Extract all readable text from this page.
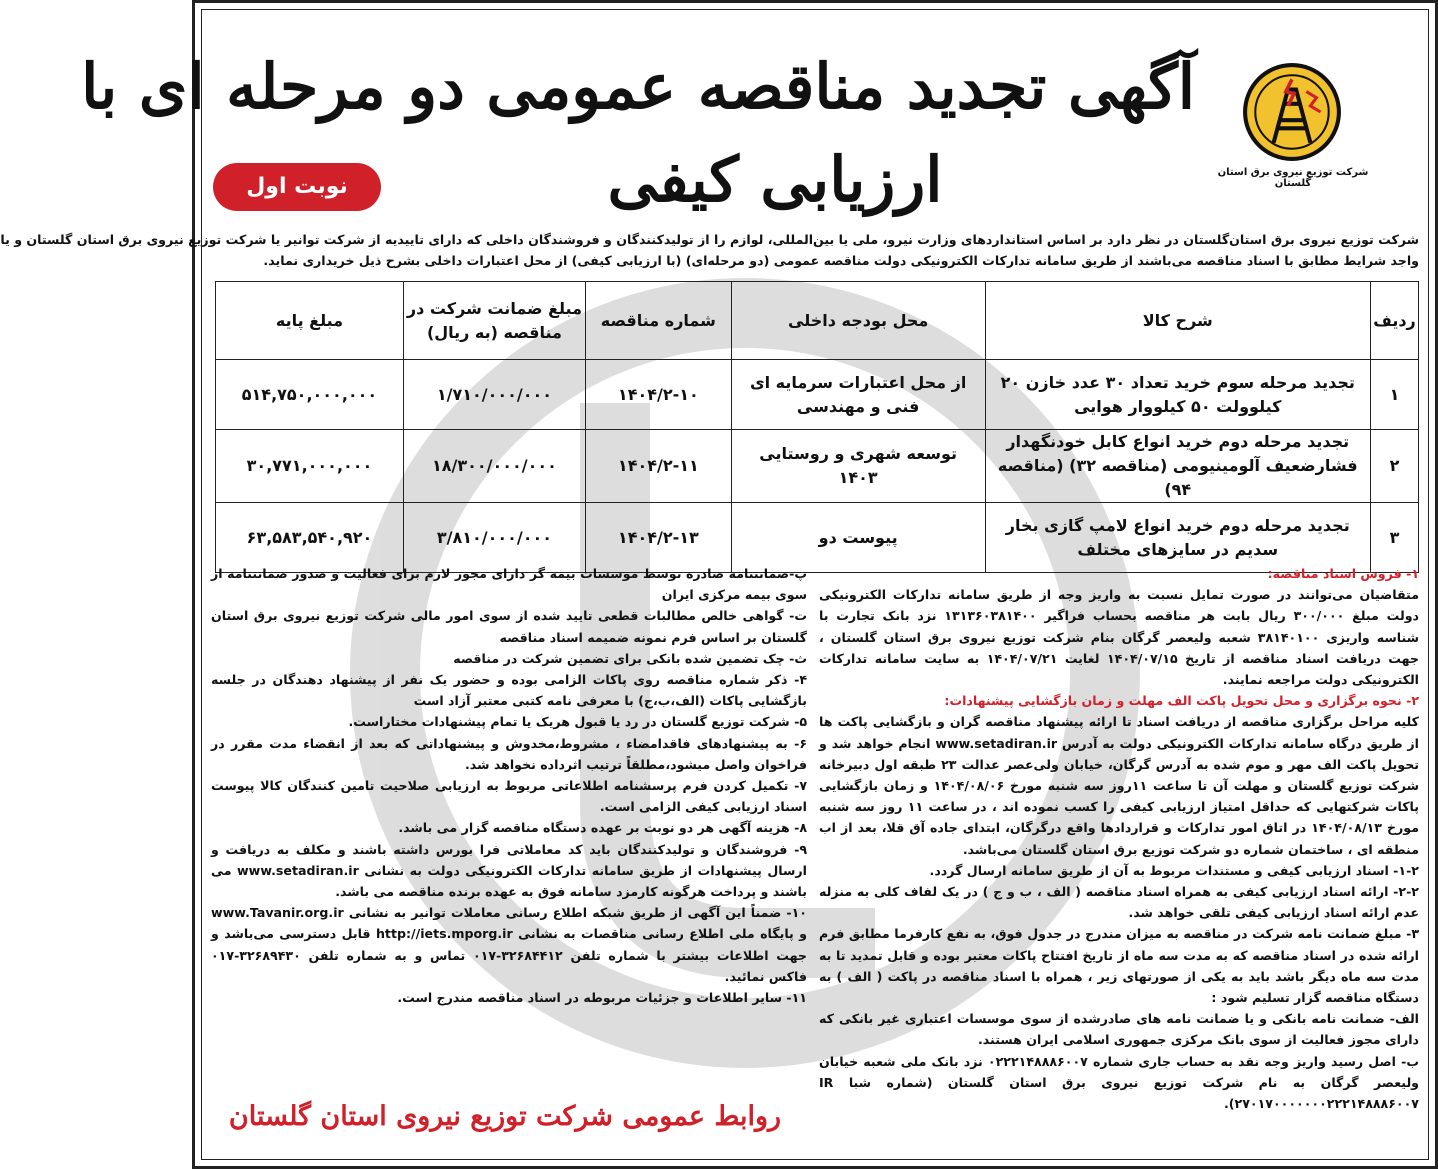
شرکت توزیع نیروی برق استان گلستان
آگهی تجدید مناقصه عمومی دو مرحله ای با
ارزیابی کیفی
نوبت اول
شرکت توزیع نیروی برق استان‌گلستان در نظر دارد بر اساس استانداردهای وزارت نیرو، ملی یا بین‌المللی، لوازم را از تولیدکنندگان و فروشندگان داخلی که دارای تاییدیه از شرکت توانیر یا شرکت توزیع نیروی برق استان گلستان و یا
واجد شرایط مطابق با اسناد مناقصه می‌باشند از طریق سامانه تدارکات الکترونیکی دولت مناقصه عمومی (دو مرحله‌ای) (با ارزیابی کیفی) از محل اعتبارات داخلی بشرح ذیل خریداری نماید.
ردیف	شرح کالا	محل بودجه داخلی	شماره مناقصه	مبلغ ضمانت شرکت در مناقصه (به ریال)	مبلغ پایه
۱	تجدید مرحله سوم خرید تعداد ۳۰ عدد خازن ۲۰ کیلوولت ۵۰ کیلووار هوایی	از محل اعتبارات سرمایه ای فنی و مهندسی	۱۴۰۴/۲-۱۰	۱/۷۱۰/۰۰۰/۰۰۰	۵۱۴,۷۵۰,۰۰۰,۰۰۰
۲	تجدید مرحله دوم خرید انواع کابل خودنگهدار فشارضعیف آلومینیومی (مناقصه ۳۲) (مناقصه ۹۴)	توسعه شهری و روستایی ۱۴۰۳	۱۴۰۴/۲-۱۱	۱۸/۳۰۰/۰۰۰/۰۰۰	۳۰,۷۷۱,۰۰۰,۰۰۰
۳	تجدید مرحله دوم خرید انواع لامپ گازی بخار سدیم در سایزهای مختلف	پیوست دو	۱۴۰۴/۲-۱۳	۳/۸۱۰/۰۰۰/۰۰۰	۶۳,۵۸۳,۵۴۰,۹۲۰
۱- فروش اسناد مناقصه:
متقاضیان می‌توانند در صورت تمایل نسبت به واریز وجه از طریق سامانه تدارکات الکترونیکی دولت مبلغ ۳۰۰/۰۰۰ ریال بابت هر مناقصه بحساب فراگیر ۱۳۱۳۶۰۳۸۱۴۰۰ نزد بانک تجارت با شناسه واریزی ۳۸۱۴۰۱۰۰ شعبه ولیعصر گرگان بنام شرکت توزیع نیروی برق استان گلستان ، جهت دریافت اسناد مناقصه از تاریخ ۱۴۰۴/۰۷/۱۵ لغایت ۱۴۰۴/۰۷/۲۱ به سایت سامانه تدارکات الکترونیکی دولت مراجعه نمایند.
۲- نحوه برگزاری و محل تحویل پاکت الف مهلت و زمان بازگشایی پیشنهادات:
کلیه مراحل برگزاری مناقصه از دریافت اسناد تا ارائه پیشنهاد مناقصه گران و بازگشایی پاکت ها از طریق درگاه سامانه تدارکات الکترونیکی دولت به آدرس www.setadiran.ir انجام خواهد شد و تحویل پاکت الف مهر و موم شده به آدرس گرگان، خیابان ولی‌عصر عدالت ۲۳ طبقه اول دبیرخانه شرکت توزیع گلستان و مهلت آن تا ساعت ۱۱روز سه شنبه مورخ ۱۴۰۴/۰۸/۰۶ و زمان بازگشایی پاکات شرکتهایی که حداقل امتیاز ارزیابی کیفی را کسب نموده اند ، در ساعت ۱۱ روز سه شنبه مورخ ۱۴۰۴/۰۸/۱۳ در اتاق امور تدارکات و قراردادها واقع درگرگان، ابتدای جاده آق قلا، بعد از اب منطقه ای ، ساختمان شماره دو شرکت توزیع برق استان گلستان می‌باشد.
۱-۲- اسناد ارزیابی کیفی و مستندات مربوط به آن از طریق سامانه ارسال گردد.
۲-۲- ارائه اسناد ارزیابی کیفی به همراه اسناد مناقصه ( الف ، ب و ج ) در یک لفاف کلی به منزله عدم ارائه اسناد ارزیابی کیفی تلقی خواهد شد.
۳- مبلغ ضمانت نامه شرکت در مناقصه به میزان مندرج در جدول فوق، به نفع کارفرما مطابق فرم ارائه شده در اسناد مناقصه که به مدت سه ماه از تاریخ افتتاح پاکات معتبر بوده و قابل تمدید تا به مدت سه ماه دیگر باشد باید به یکی از صورتهای زیر ، همراه با اسناد مناقصه در پاکت ( الف ) به دستگاه مناقصه گزار تسلیم شود :
الف- ضمانت نامه بانکی و یا ضمانت نامه های صادرشده از سوی موسسات اعتباری غیر بانکی که دارای مجوز فعالیت از سوی بانک مرکزی جمهوری اسلامی ایران هستند.
ب- اصل رسید واریز وجه نقد به حساب جاری شماره ۰۲۲۲۱۴۸۸۸۶۰۰۷ نزد بانک ملی شعبه خیابان ولیعصر گرگان به نام شرکت توزیع نیروی برق استان گلستان (شماره شبا IR ۲۷۰۱۷۰۰۰۰۰۰۰۲۲۲۱۴۸۸۸۶۰۰۷).
پ-ضمانتنامه صادره توسط موسسات بیمه گر دارای مجوز لازم برای فعالیت و صدور ضمانتنامه از سوی بیمه مرکزی ایران
ت- گواهی خالص مطالبات قطعی تایید شده از سوی امور مالی شرکت توزیع نیروی برق استان گلستان بر اساس فرم نمونه ضمیمه اسناد مناقصه
ث- چک تضمین شده بانکی برای تضمین شرکت در مناقصه
۴- ذکر شماره مناقصه روی پاکات الزامی بوده و حضور یک نفر از پیشنهاد دهندگان در جلسه بازگشایی پاکات (الف،ب،ج) با معرفی نامه کتبی معتبر آزاد است
۵- شرکت توزیع گلستان در رد یا قبول هریک یا تمام پیشنهادات مختاراست.
۶- به پیشنهادهای فاقدامضاء ، مشروط،مخدوش و پیشنهاداتی که بعد از انقضاء مدت مقرر در فراخوان واصل میشود،مطلقاً ترتیب اثرداده نخواهد شد.
۷- تکمیل کردن فرم پرسشنامه اطلاعاتی مربوط به ارزیابی صلاحیت تامین کنندگان کالا پیوست اسناد ارزیابی کیفی الزامی است.
۸- هزینه آگهی هر دو نوبت بر عهده دستگاه مناقصه گزار می باشد.
۹- فروشندگان و تولیدکنندگان باید کد معاملاتی فرا بورس داشته باشند و مکلف به دریافت و ارسال پیشنهادات از طریق سامانه تدارکات الکترونیکی دولت به نشانی www.setadiran.ir می باشند و پرداخت هرگونه کارمزد سامانه فوق به عهده برنده مناقصه می باشد.
۱۰- ضمناً این آگهی از طریق شبکه اطلاع رسانی معاملات توانیر به نشانی www.Tavanir.org.ir و پایگاه ملی اطلاع رسانی مناقصات به نشانی http://iets.mporg.ir قابل دسترسی می‌باشد و جهت اطلاعات بیشتر با شماره تلفن ۳۲۶۸۴۴۱۲-۰۱۷ تماس و به شماره تلفن ۳۲۶۸۹۴۳۰-۰۱۷ فاکس نمائید.
۱۱- سایر اطلاعات و جزئیات مربوطه در اسناد مناقصه مندرج است.
روابط عمومی شرکت توزیع نیروی استان گلستان
